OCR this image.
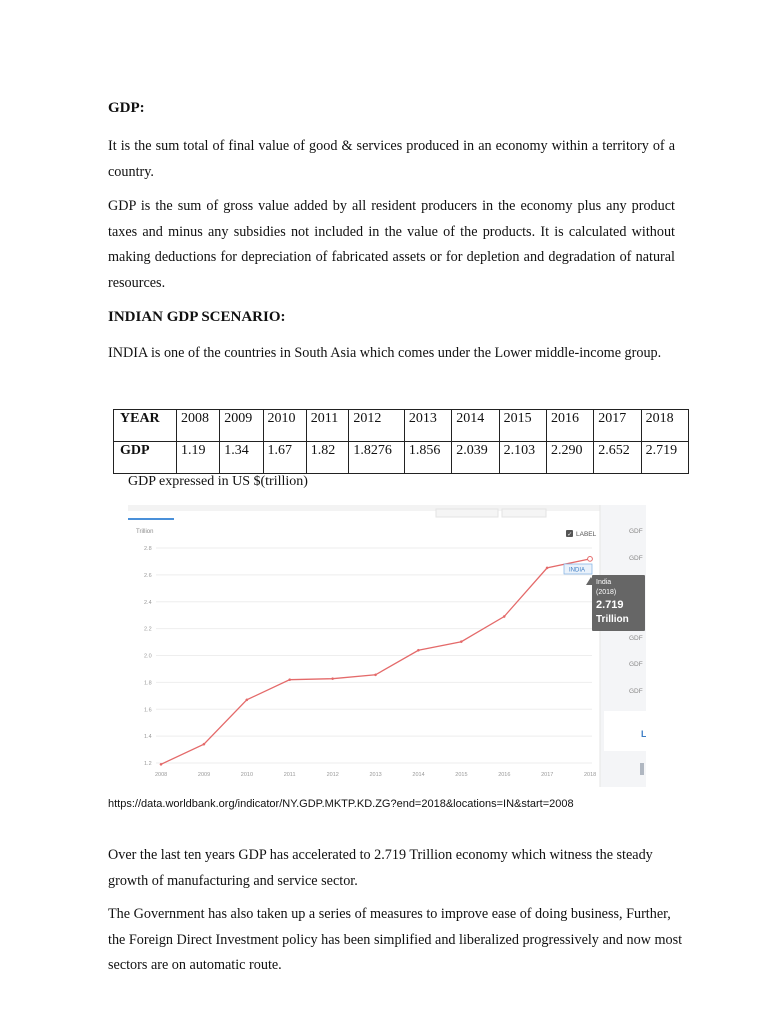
GDP:

It is the sum total of final value of good & services produced in an economy within a territory of a country.

GDP is the sum of gross value added by all resident producers in the economy plus any product taxes and minus any subsidies not included in the value of the products. It is calculated without making deductions for depreciation of fabricated assets or for depletion and degradation of natural resources.

INDIAN GDP SCENARIO:

INDIA is one of the countries in South Asia which comes under the Lower middle-income group.

YEAR	2008	2009	2010	2011	2012	2013	2014	2015	2016	2017	2018
GDP	1.19	1.34	1.67	1.82	1.8276	1.856	2.039	2.103	2.290	2.652	2.719
GDP expressed in US $(trillion)
Trillion	GDF
GDF
GDF
GDF
GDF
L
✓ LABEL
1.2
1.4
1.6
1.8
2.0
2.2
2.4
2.6
2.8
2008	2009	2010	2011	2012	2013	2014	2015	2016	2017	2018
INDIA
India
(2018)
2.719
Trillion
https://data.worldbank.org/indicator/NY.GDP.MKTP.KD.ZG?end=2018&locations=IN&start=2008

Over the last ten years GDP has accelerated to 2.719 Trillion economy which witness the steady growth of manufacturing and service sector.

The Government has also taken up a series of measures to improve ease of doing business, Further, the Foreign Direct Investment policy has been simplified and liberalized progressively and now most sectors are on automatic route.
